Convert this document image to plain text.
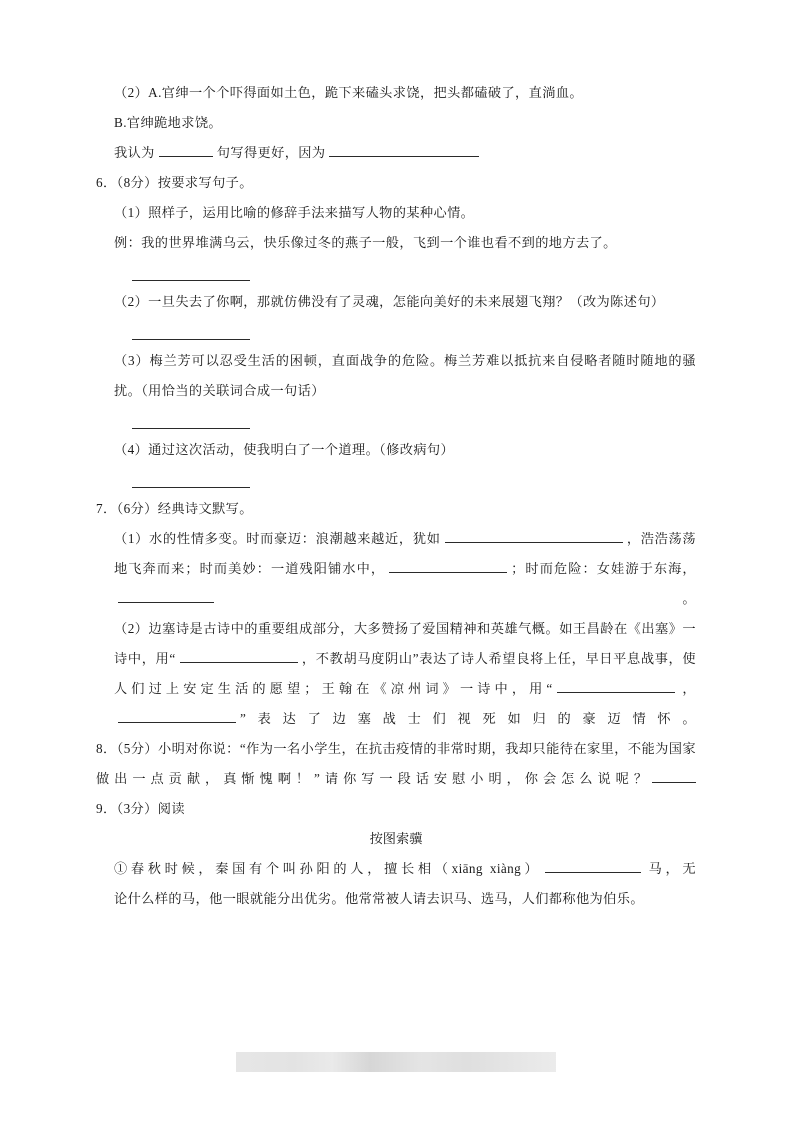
（2）A.官绅一个个吓得面如土色，跪下来磕头求饶，把头都磕破了，直淌血。
B.官绅跪地求饶。
我认为	句写得更好，因为
6．（8分）按要求写句子。
（1）照样子，运用比喻的修辞手法来描写人物的某种心情。
例：我的世界堆满乌云，快乐像过冬的燕子一般，飞到一个谁也看不到的地方去了。
（2）一旦失去了你啊，那就仿佛没有了灵魂，怎能向美好的未来展翅飞翔？（改为陈述句）
（3）梅兰芳可以忍受生活的困顿，直面战争的危险。梅兰芳难以抵抗来自侵略者随时随地的骚扰。（用恰当的关联词合成一句话）
（4）通过这次活动，使我明白了一个道理。（修改病句）
7．（6分）经典诗文默写。
（1）水的性情多变。时而豪迈：浪潮越来越近，犹如	，浩浩荡荡地飞奔而来；时而美妙：一道残阳铺水中，	；时而危险：女娃游于东海，。
（2）边塞诗是古诗中的重要组成部分，大多赞扬了爱国精神和英雄气概。如王昌龄在《出塞》一诗中，用“	，不教胡马度阴山”表达了诗人希望良将上任，早日平息战事，使人们过上安定生活的愿望；王翰在《凉州词》一诗中，用“	，”表达了边塞战士们视死如归的豪迈情怀。
8．（5分）小明对你说：“作为一名小学生，在抗击疫情的非常时期，我却只能待在家里，不能为国家做出一点贡献，真惭愧啊！”请你写一段话安慰小明，你会怎么说呢？
9．（3分）阅读
按图索骥
①春秋时候，秦国有个叫孙阳的人，擅长相（xiāng xiàng）	马，无
论什么样的马，他一眼就能分出优劣。他常常被人请去识马、选马，人们都称他为伯乐。
